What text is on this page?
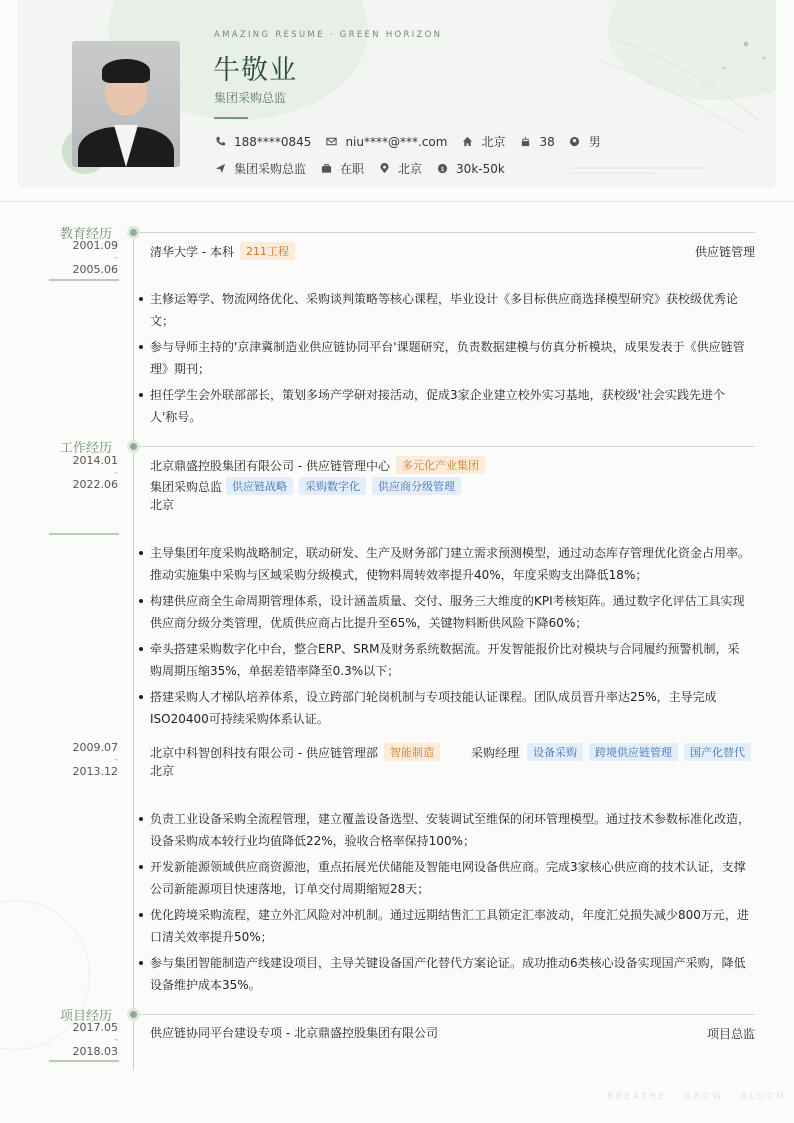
AMAZING RESUME · GREEN HORIZON
牛敬业
集团采购总监
188****0845	niu****@***.com	北京	38	男
集团采购总监	在职	北京	$ 30k-50k
教育经历
2001.09
-
2005.06
清华大学 - 本科	211工程	供应链管理
主修运筹学、物流网络优化、采购谈判策略等核心课程，毕业设计《多目标供应商选择模型研究》获校级优秀论文；
参与导师主持的'京津冀制造业供应链协同平台'课题研究，负责数据建模与仿真分析模块，成果发表于《供应链管理》期刊；
担任学生会外联部部长，策划多场产学研对接活动，促成3家企业建立校外实习基地，获校级'社会实践先进个人'称号。
工作经历
2014.01
-
2022.06
北京鼎盛控股集团有限公司 - 供应链管理中心	多元化产业集团
集团采购总监 供应链战略	采购数字化	供应商分级管理
北京
主导集团年度采购战略制定，联动研发、生产及财务部门建立需求预测模型，通过动态库存管理优化资金占用率。推动实施集中采购与区域采购分级模式，使物料周转效率提升40%，年度采购支出降低18%；
构建供应商全生命周期管理体系，设计涵盖质量、交付、服务三大维度的KPI考核矩阵。通过数字化评估工具实现供应商分级分类管理，优质供应商占比提升至65%，关键物料断供风险下降60%；
牵头搭建采购数字化中台，整合ERP、SRM及财务系统数据流。开发智能报价比对模块与合同履约预警机制，采购周期压缩35%，单据差错率降至0.3%以下；
搭建采购人才梯队培养体系，设立跨部门轮岗机制与专项技能认证课程。团队成员晋升率达25%，主导完成ISO20400可持续采购体系认证。
2009.07
-
2013.12
北京中科智创科技有限公司 - 供应链管理部	智能制造	采购经理	设备采购	跨境供应链管理	国产化替代
北京
负责工业设备采购全流程管理，建立覆盖设备选型、安装调试至维保的闭环管理模型。通过技术参数标准化改造，设备采购成本较行业均值降低22%，验收合格率保持100%；
开发新能源领域供应商资源池，重点拓展光伏储能及智能电网设备供应商。完成3家核心供应商的技术认证，支撑公司新能源项目快速落地，订单交付周期缩短28天；
优化跨境采购流程，建立外汇风险对冲机制。通过远期结售汇工具锁定汇率波动，年度汇兑损失减少800万元，进口清关效率提升50%；
参与集团智能制造产线建设项目，主导关键设备国产化替代方案论证。成功推动6类核心设备实现国产采购，降低设备维护成本35%。
项目经历
2017.05
-
2018.03
供应链协同平台建设专项 - 北京鼎盛控股集团有限公司	项目总监
BREATHE · GROW · BLOOM
